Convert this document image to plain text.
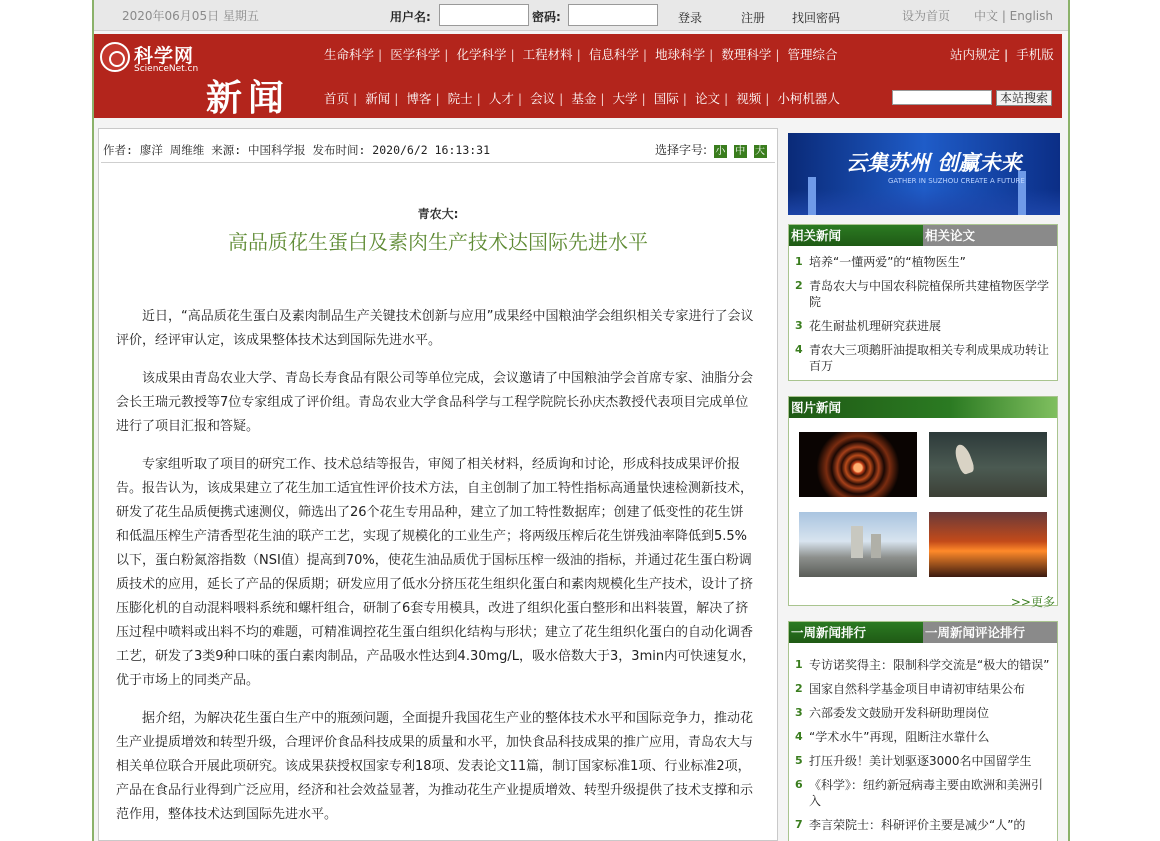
2020年06月05日 星期五	用户名:	密码:	登录	注册 找回密码	设为首页 中文 | English
科学网
ScienceNet.cn
新闻
生命科学 | 医学科学 | 化学科学 | 工程材料 | 信息科学 | 地球科学 | 数理科学 | 管理综合	站内规定 | 手机版
首页 | 新闻 | 博客 | 院士 | 人才 | 会议 | 基金 | 大学 | 国际 | 论文 | 视频 | 小柯机器人	本站搜索
作者: 廖洋 周维维 来源: 中国科学报 发布时间: 2020/6/2 16:13:31	选择字号: 小 中 大
青农大:
高品质花生蛋白及素肉生产技术达国际先进水平

近日，“高品质花生蛋白及素肉制品生产关键技术创新与应用”成果经中国粮油学会组织相关专家进行了会议评价，经评审认定，该成果整体技术达到国际先进水平。

该成果由青岛农业大学、青岛长寿食品有限公司等单位完成，会议邀请了中国粮油学会首席专家、油脂分会会长王瑞元教授等7位专家组成了评价组。青岛农业大学食品科学与工程学院院长孙庆杰教授代表项目完成单位进行了项目汇报和答疑。

专家组听取了项目的研究工作、技术总结等报告，审阅了相关材料，经质询和讨论，形成科技成果评价报告。报告认为，该成果建立了花生加工适宜性评价技术方法，自主创制了加工特性指标高通量快速检测新技术，研发了花生品质便携式速测仪，筛选出了26个花生专用品种，建立了加工特性数据库；创建了低变性的花生饼和低温压榨生产清香型花生油的联产工艺，实现了规模化的工业生产；将两级压榨后花生饼残油率降低到5.5%以下，蛋白粉氮溶指数（NSI值）提高到70%，使花生油品质优于国标压榨一级油的指标，并通过花生蛋白粉调质技术的应用，延长了产品的保质期；研发应用了低水分挤压花生组织化蛋白和素肉规模化生产技术，设计了挤压膨化机的自动混料喂料系统和螺杆组合，研制了6套专用模具，改进了组织化蛋白整形和出料装置，解决了挤压过程中喷料或出料不均的难题，可精准调控花生蛋白组织化结构与形状；建立了花生组织化蛋白的自动化调香工艺，研发了3类9种口味的蛋白素肉制品，产品吸水性达到4.30mg/L，吸水倍数大于3，3min内可快速复水，优于市场上的同类产品。

据介绍，为解决花生蛋白生产中的瓶颈问题，全面提升我国花生产业的整体技术水平和国际竞争力，推动花生产业提质增效和转型升级，合理评价食品科技成果的质量和水平，加快食品科技成果的推广应用，青岛农大与相关单位联合开展此项研究。该成果获授权国家专利18项、发表论文11篇，制订国家标准1项、行业标准2项，产品在食品行业得到广泛应用，经济和社会效益显著，为推动花生产业提质增效、转型升级提供了技术支撑和示范作用，整体技术达到国际先进水平。

云集苏州 创赢未来
GATHER IN SUZHOU CREATE A FUTURE
相关新闻	相关论文
1 培养“一懂两爱”的“植物医生”
2 青岛农大与中国农科院植保所共建植物医学学院
3 花生耐盐机理研究获进展
4 青农大三项鹅肝油提取相关专利成果成功转让百万
图片新闻
>>更多
一周新闻排行	一周新闻评论排行
1 专访诺奖得主：限制科学交流是“极大的错误”
2 国家自然科学基金项目申请初审结果公布
3 六部委发文鼓励开发科研助理岗位
4 “学术水牛”再现，阻断注水靠什么
5 打压升级！美计划驱逐3000名中国留学生
6 《科学》：纽约新冠病毒主要由欧洲和美洲引入
7 李言荣院士：科研评价主要是减少“人”的
